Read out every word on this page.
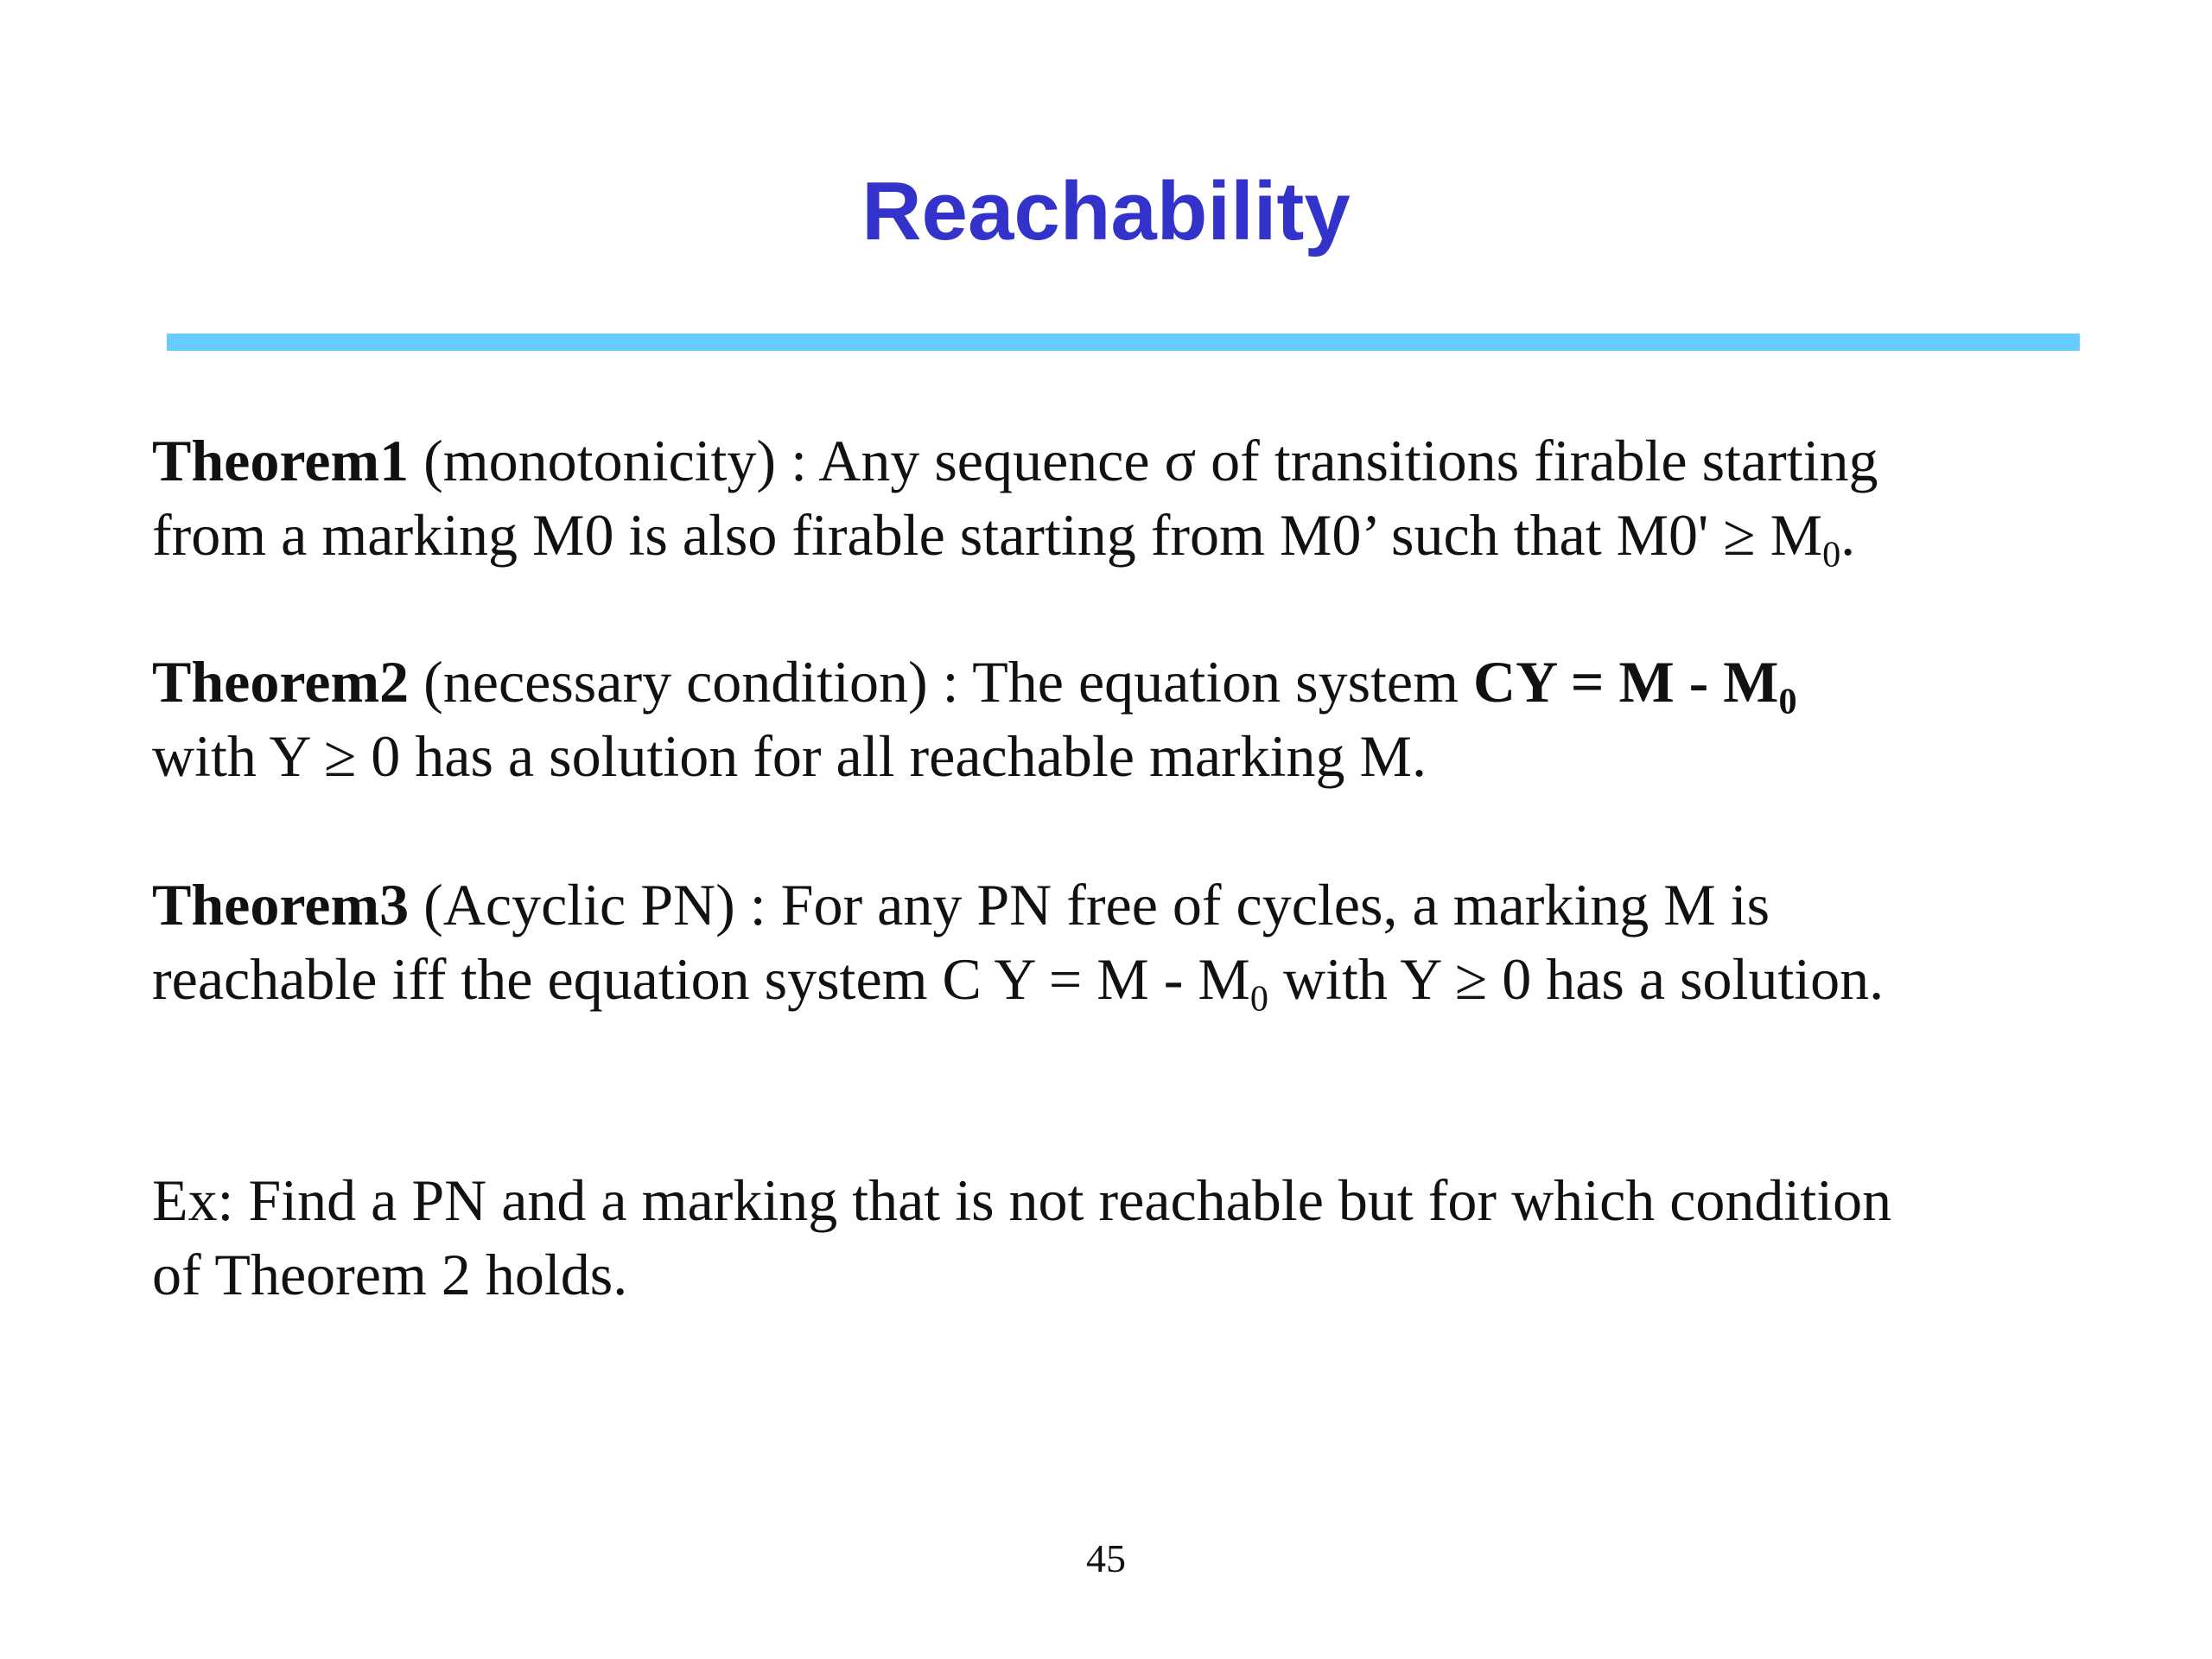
Reachability

Theorem1 (monotonicity) : Any sequence σ of transitions firable starting
from a marking M0 is also firable starting from M0’ such that $M0' \ge M_0$.

Theorem2 (necessary condition) : The equation system CY = M - $M_0$
with Y ≥ 0 has a solution for all reachable marking M.

Theorem3 (Acyclic PN) : For any PN free of cycles, a marking M is
reachable iff the equation system C $Y = M - M_0$ with Y ≥ 0 has a solution.

Ex: Find a PN and a marking that is not reachable but for which condition
of Theorem 2 holds.

45
